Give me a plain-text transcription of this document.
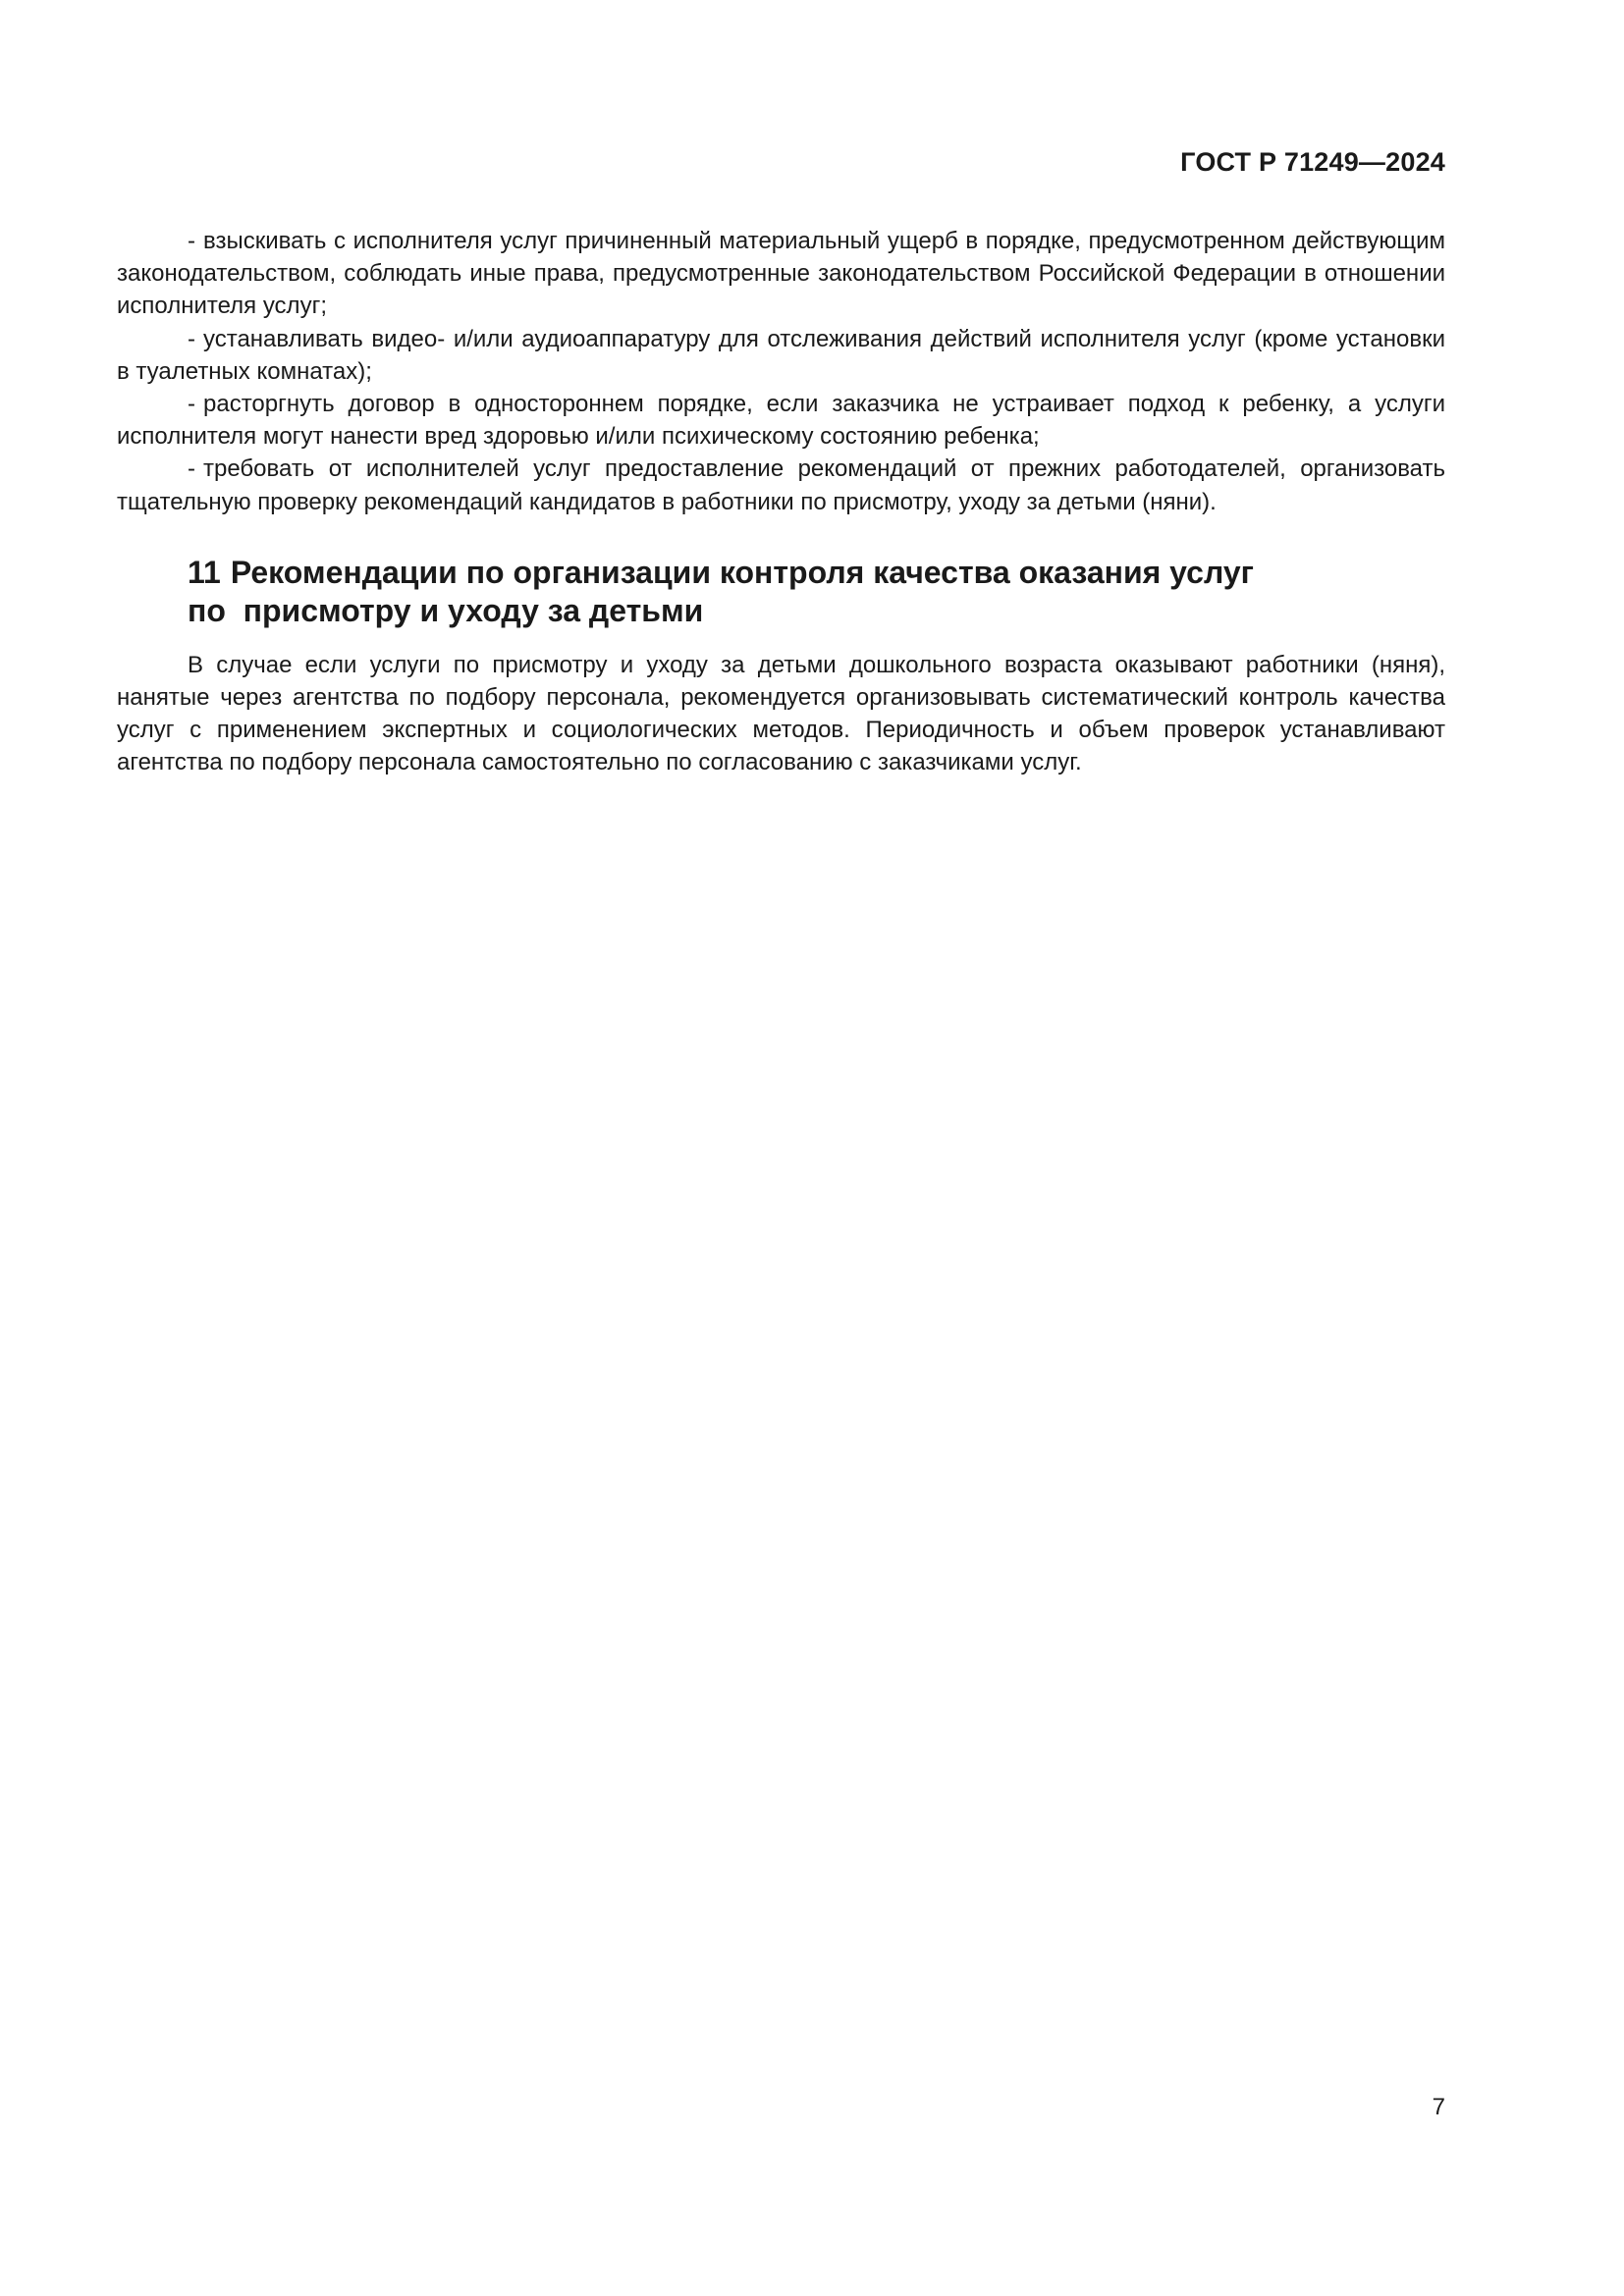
ГОСТ Р 71249—2024

- взыскивать с исполнителя услуг причиненный материальный ущерб в порядке, предусмотренном действующим законодательством, соблюдать иные права, предусмотренные законодательством Российской Федерации в отношении исполнителя услуг;

- устанавливать видео- и/или аудиоаппаратуру для отслеживания действий исполнителя услуг (кроме установки в туалетных комнатах);

- расторгнуть договор в одностороннем порядке, если заказчика не устраивает подход к ребенку, а услуги исполнителя могут нанести вред здоровью и/или психическому состоянию ребенка;

- требовать от исполнителей услуг предоставление рекомендаций от прежних работодателей, организовать тщательную проверку рекомендаций кандидатов в работники по присмотру, уходу за детьми (няни).

11 Рекомендации по организации контроля качества оказания услуг
по  присмотру и уходу за детьми

В случае если услуги по присмотру и уходу за детьми дошкольного возраста оказывают работники (няня), нанятые через агентства по подбору персонала, рекомендуется организовывать систематический контроль качества услуг с применением экспертных и социологических методов. Периодичность и объем проверок устанавливают агентства по подбору персонала самостоятельно по согласованию с заказчиками услуг.

7
